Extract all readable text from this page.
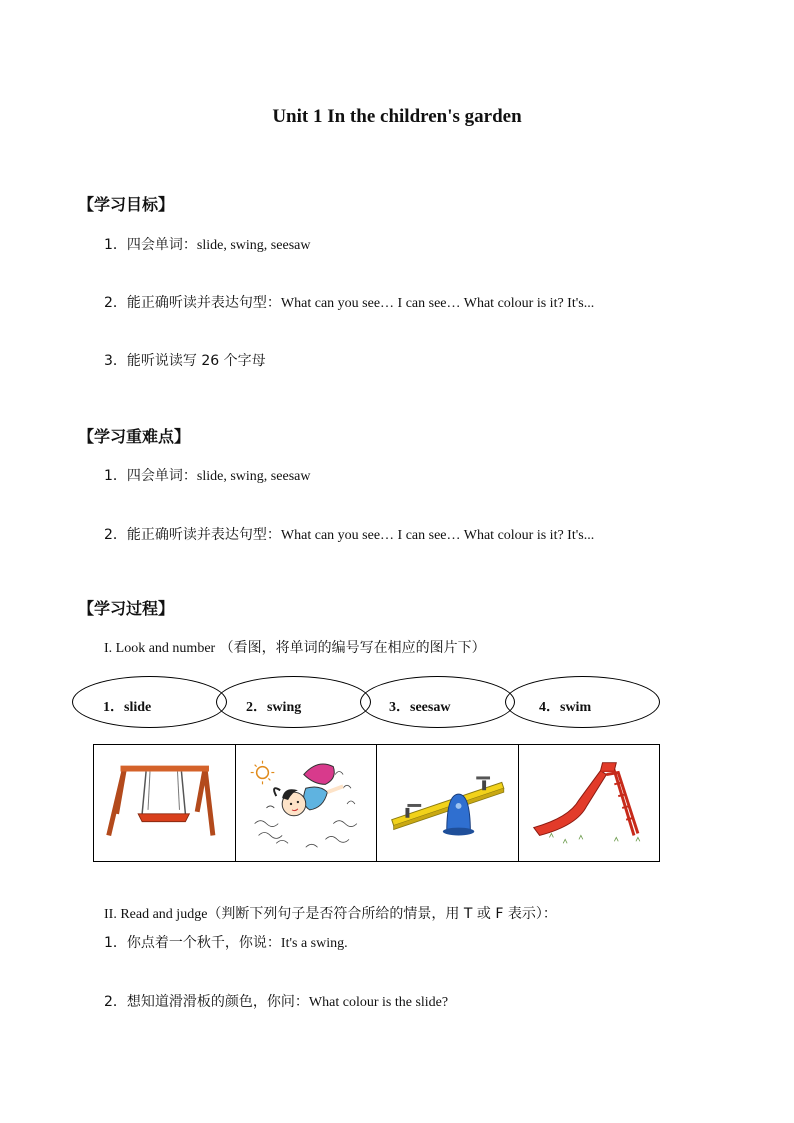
Unit 1 In the children's garden
【学习目标】
1．四会单词：slide, swing, seesaw
2．能正确听读并表达句型：What can you see… I can see… What colour is it? It's...
3．能听说读写 26 个字母
【学习重难点】
1．四会单词：slide, swing, seesaw
2．能正确听读并表达句型：What can you see… I can see… What colour is it? It's...
【学习过程】
I. Look and number （看图，将单词的编号写在相应的图片下）
1．slide	2．swing	3．seesaw	4．swim
II. Read and judge（判断下列句子是否符合所给的情景，用 T 或 F 表示）：
1．你点着一个秋千，你说：It's a swing.
2．想知道滑滑板的颜色，你问：What colour is the slide?
